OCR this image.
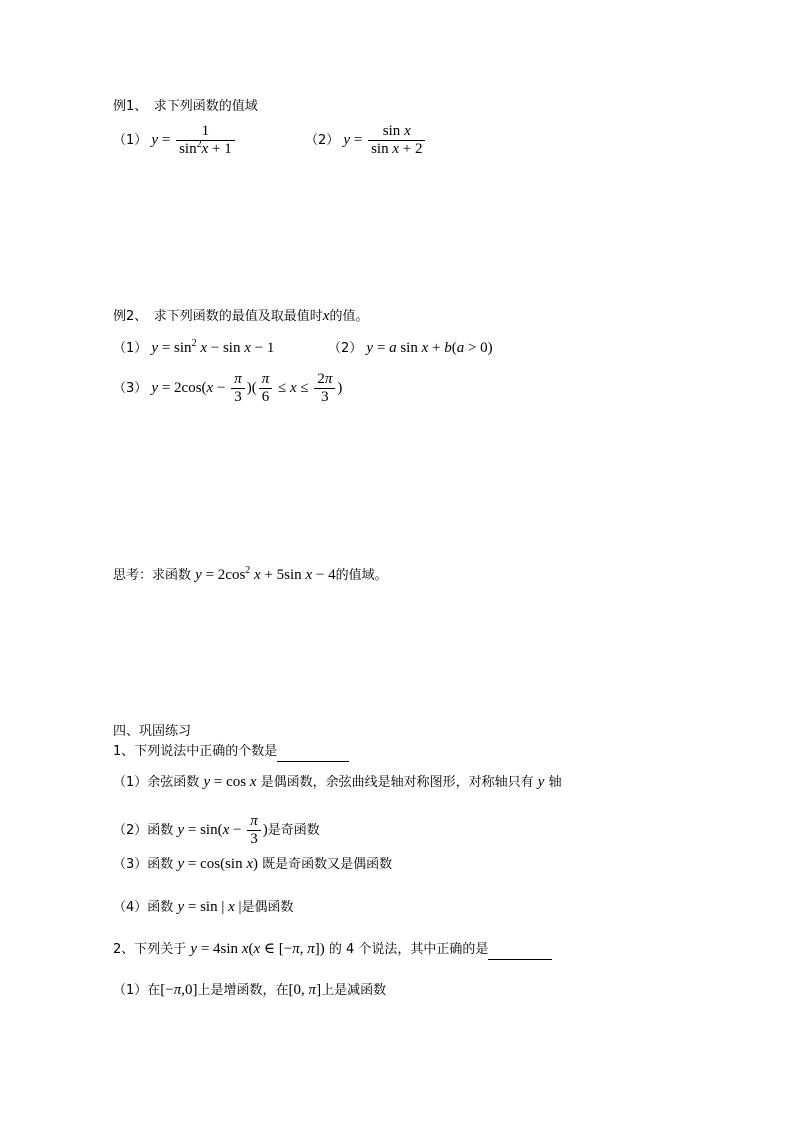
例1、　求下列函数的值域
（1） $y = \frac{1}{\sin^2x + 1}$	（2） $y = \frac{\text{sin x}}{\text{sin x + 2}}$
例2、　求下列函数的最值及取最值时x的值。
（1） $y = \sin^2 x - \sin x - 1$	（2） y = a sin x + b(a > 0)
（3） $y = 2\cos(x - \frac{\pi}{3}$ )( $\frac{\pi}{6} \le x \le \frac{2\pi}{3}$ )
思考：求函数 $y = 2\cos^2$ x + 5sin x − 4的值域。
四、巩固练习
1、下列说法中正确的个数是
（1）余弦函数 y = cos x 是偶函数，余弦曲线是轴对称图形，对称轴只有 y 轴
（2）函数 $y = \sin(x - \frac{\pi}{3}$ )是奇函数
（3）函数 y = cos(sin x) 既是奇函数又是偶函数
（4）函数 y = sin | x |是偶函数
2、下列关于 y = 4sin x(x ∈ [−π, π]) 的 4 个说法，其中正确的是
（1）在[−π,0]上是增函数，在[0, π]上是减函数
